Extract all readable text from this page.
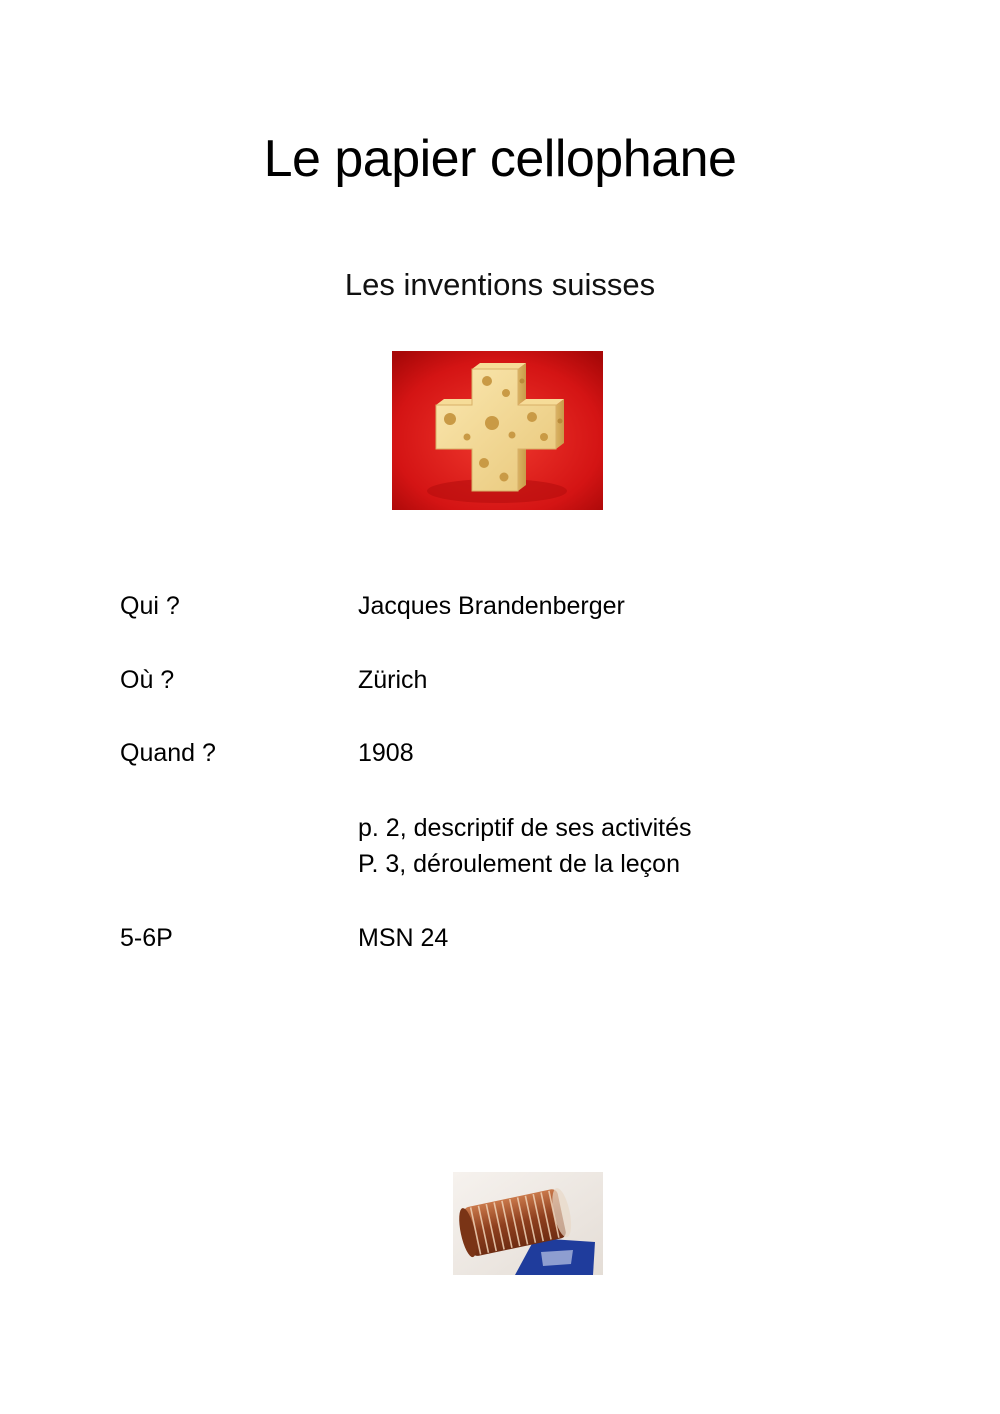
Le papier cellophane
Les inventions suisses
Qui ?	Jacques Brandenberger
Où ?	Zürich
Quand ?	1908
p. 2, descriptif de ses activités
P. 3, déroulement de la leçon
5-6P	MSN 24
